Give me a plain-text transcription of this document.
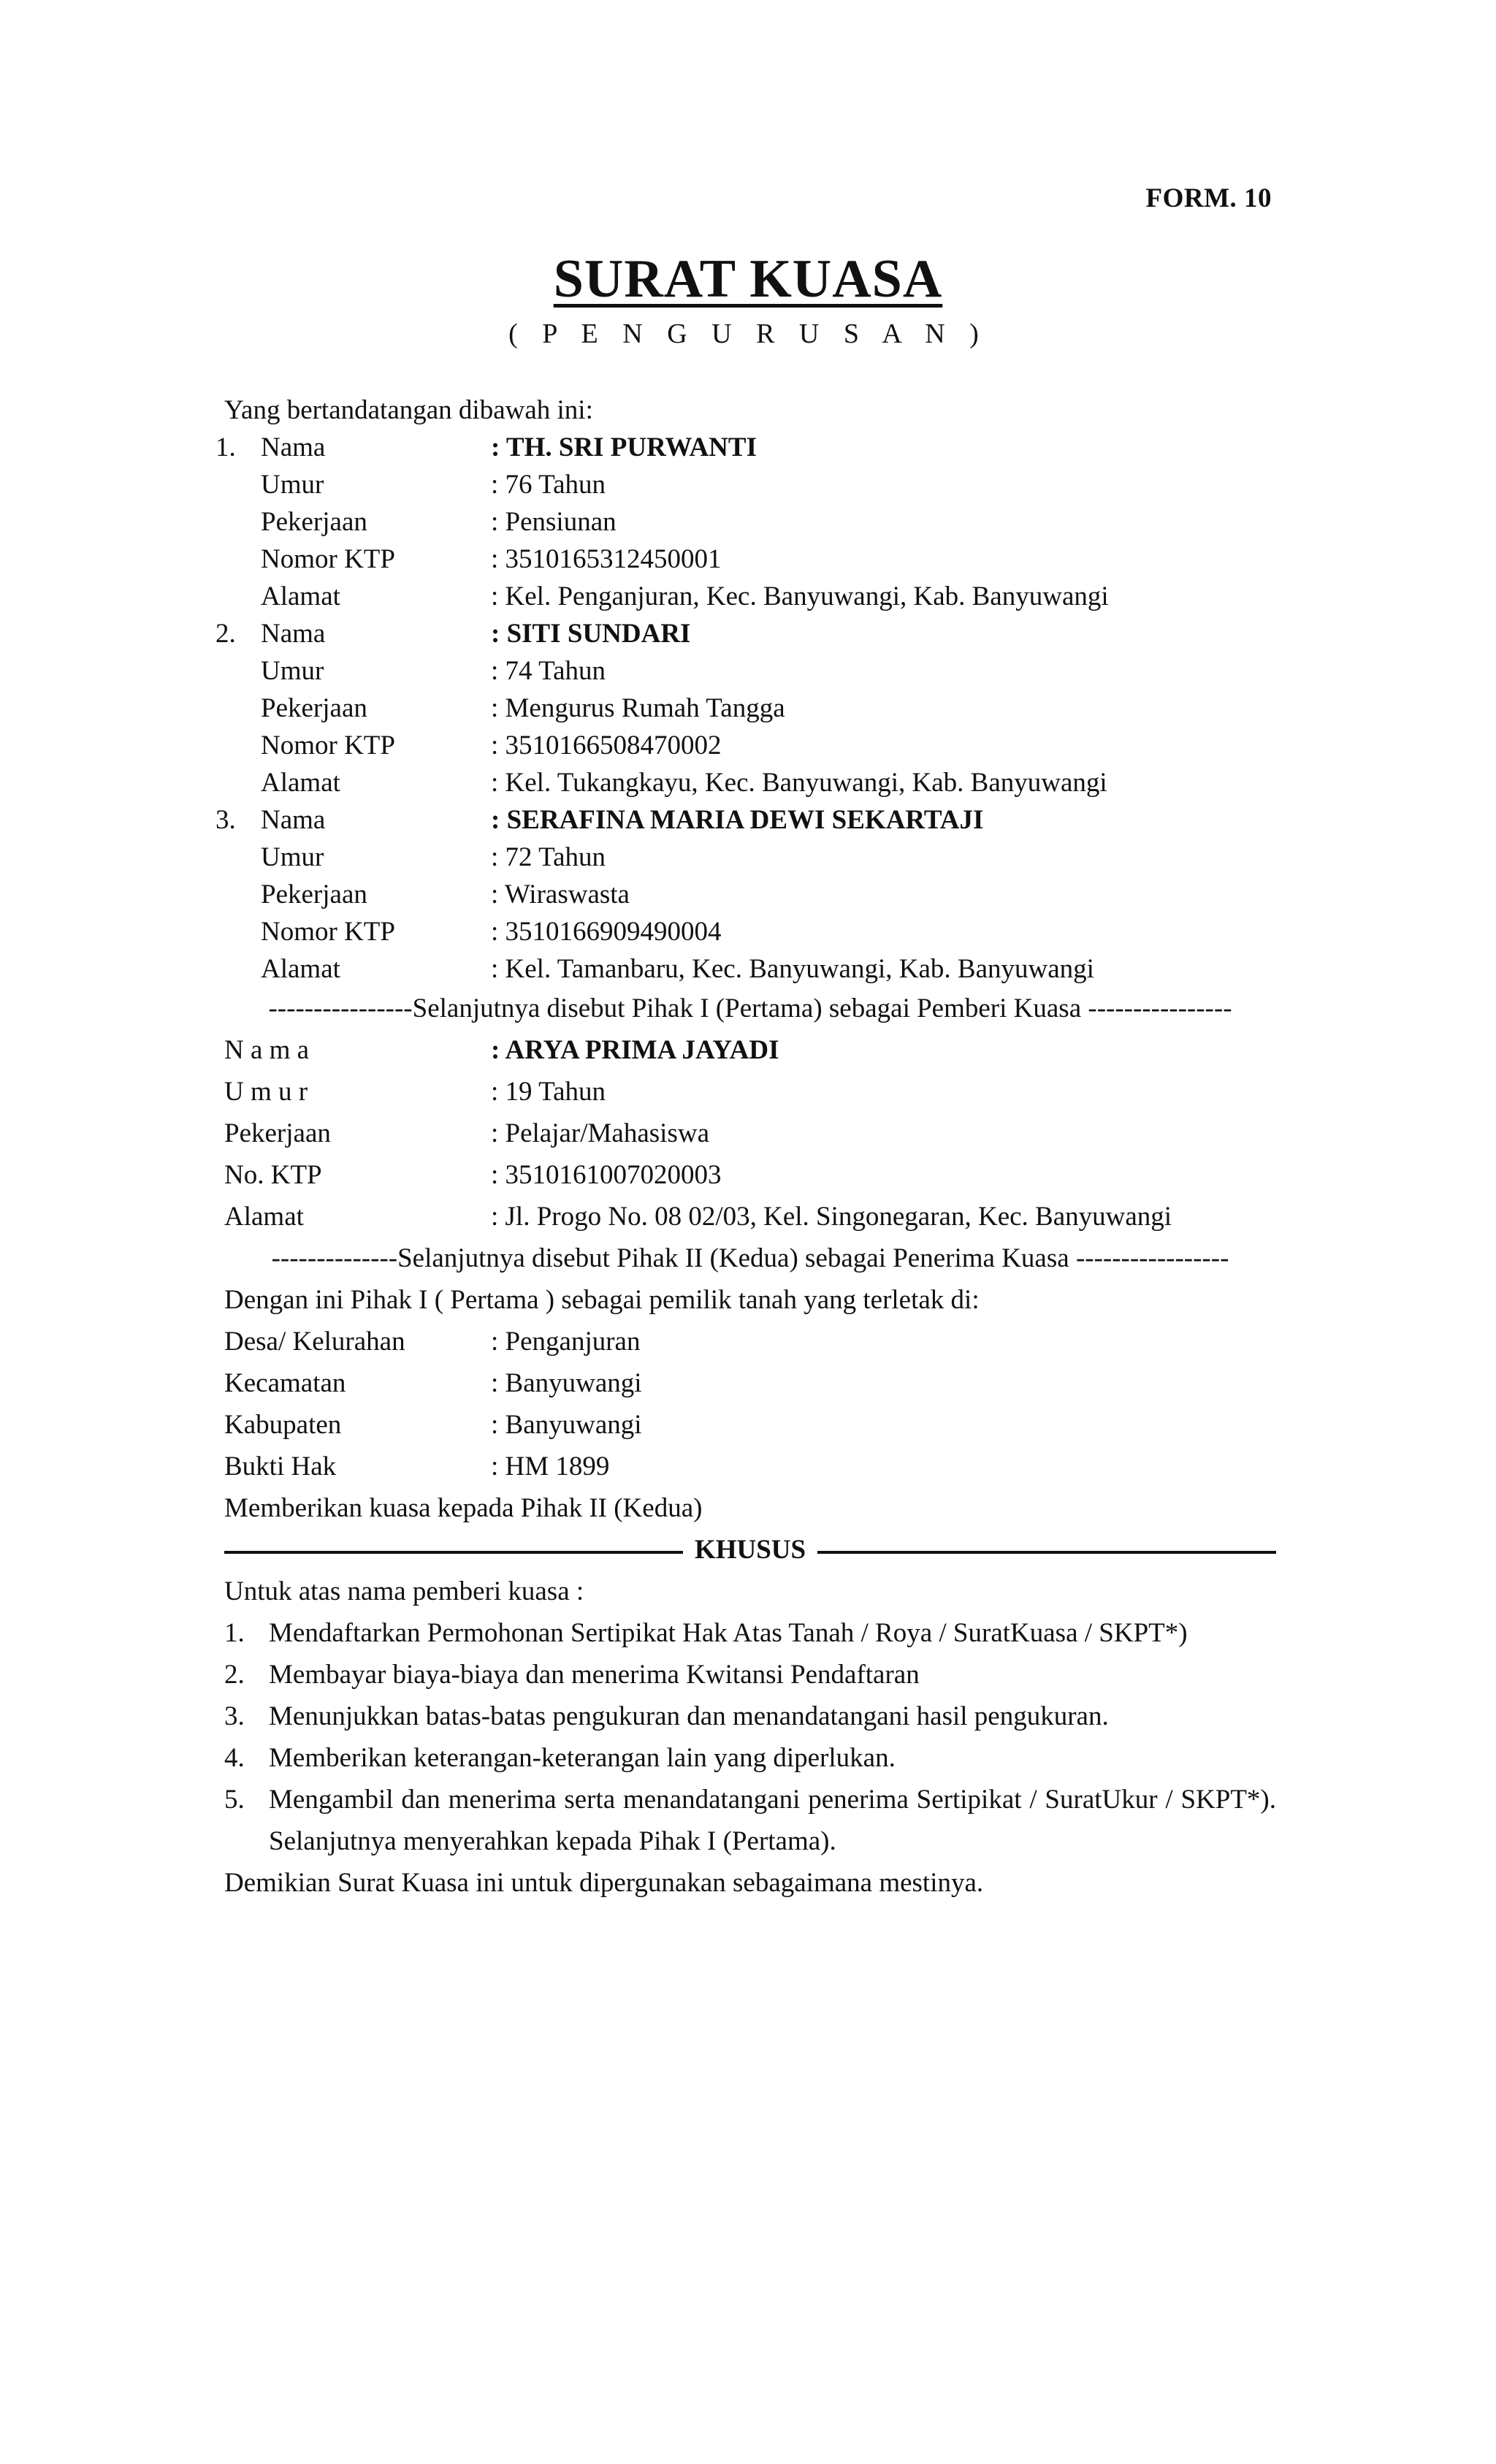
FORM. 10
SURAT KUASA
( P E N G U R U S A N )
Yang bertandatangan dibawah ini:
1. Nama	: TH. SRI PURWANTI
Umur	: 76 Tahun
Pekerjaan	: Pensiunan
Nomor KTP	: 3510165312450001
Alamat	: Kel. Penganjuran, Kec. Banyuwangi, Kab. Banyuwangi
2. Nama	: SITI SUNDARI
Umur	: 74 Tahun
Pekerjaan	: Mengurus Rumah Tangga
Nomor KTP	: 3510166508470002
Alamat	: Kel. Tukangkayu, Kec. Banyuwangi, Kab. Banyuwangi
3. Nama	: SERAFINA MARIA DEWI SEKARTAJI
Umur	: 72 Tahun
Pekerjaan	: Wiraswasta
Nomor KTP	: 3510166909490004
Alamat	: Kel. Tamanbaru, Kec. Banyuwangi, Kab. Banyuwangi
----------------Selanjutnya disebut Pihak I (Pertama) sebagai Pemberi Kuasa ----------------
N a m a	: ARYA PRIMA JAYADI
U m u r	: 19 Tahun
Pekerjaan	: Pelajar/Mahasiswa
No. KTP	: 3510161007020003
Alamat	: Jl. Progo No. 08 02/03, Kel. Singonegaran, Kec. Banyuwangi
--------------Selanjutnya disebut Pihak II (Kedua) sebagai Penerima Kuasa -----------------
Dengan ini Pihak I ( Pertama ) sebagai pemilik tanah yang terletak di:
Desa/ Kelurahan	: Penganjuran
Kecamatan	: Banyuwangi
Kabupaten	: Banyuwangi
Bukti Hak	: HM 1899
Memberikan kuasa kepada Pihak II (Kedua)
KHUSUS
Untuk atas nama pemberi kuasa :
1. Mendaftarkan Permohonan Sertipikat Hak Atas Tanah / Roya / SuratKuasa / SKPT*)
2. Membayar biaya-biaya dan menerima Kwitansi Pendaftaran
3. Menunjukkan batas-batas pengukuran dan menandatangani hasil pengukuran.
4. Memberikan keterangan-keterangan lain yang diperlukan.
5. Mengambil dan menerima serta menandatangani penerima Sertipikat / SuratUkur / SKPT*). Selanjutnya menyerahkan kepada Pihak I (Pertama).
Demikian Surat Kuasa ini untuk dipergunakan sebagaimana mestinya.
